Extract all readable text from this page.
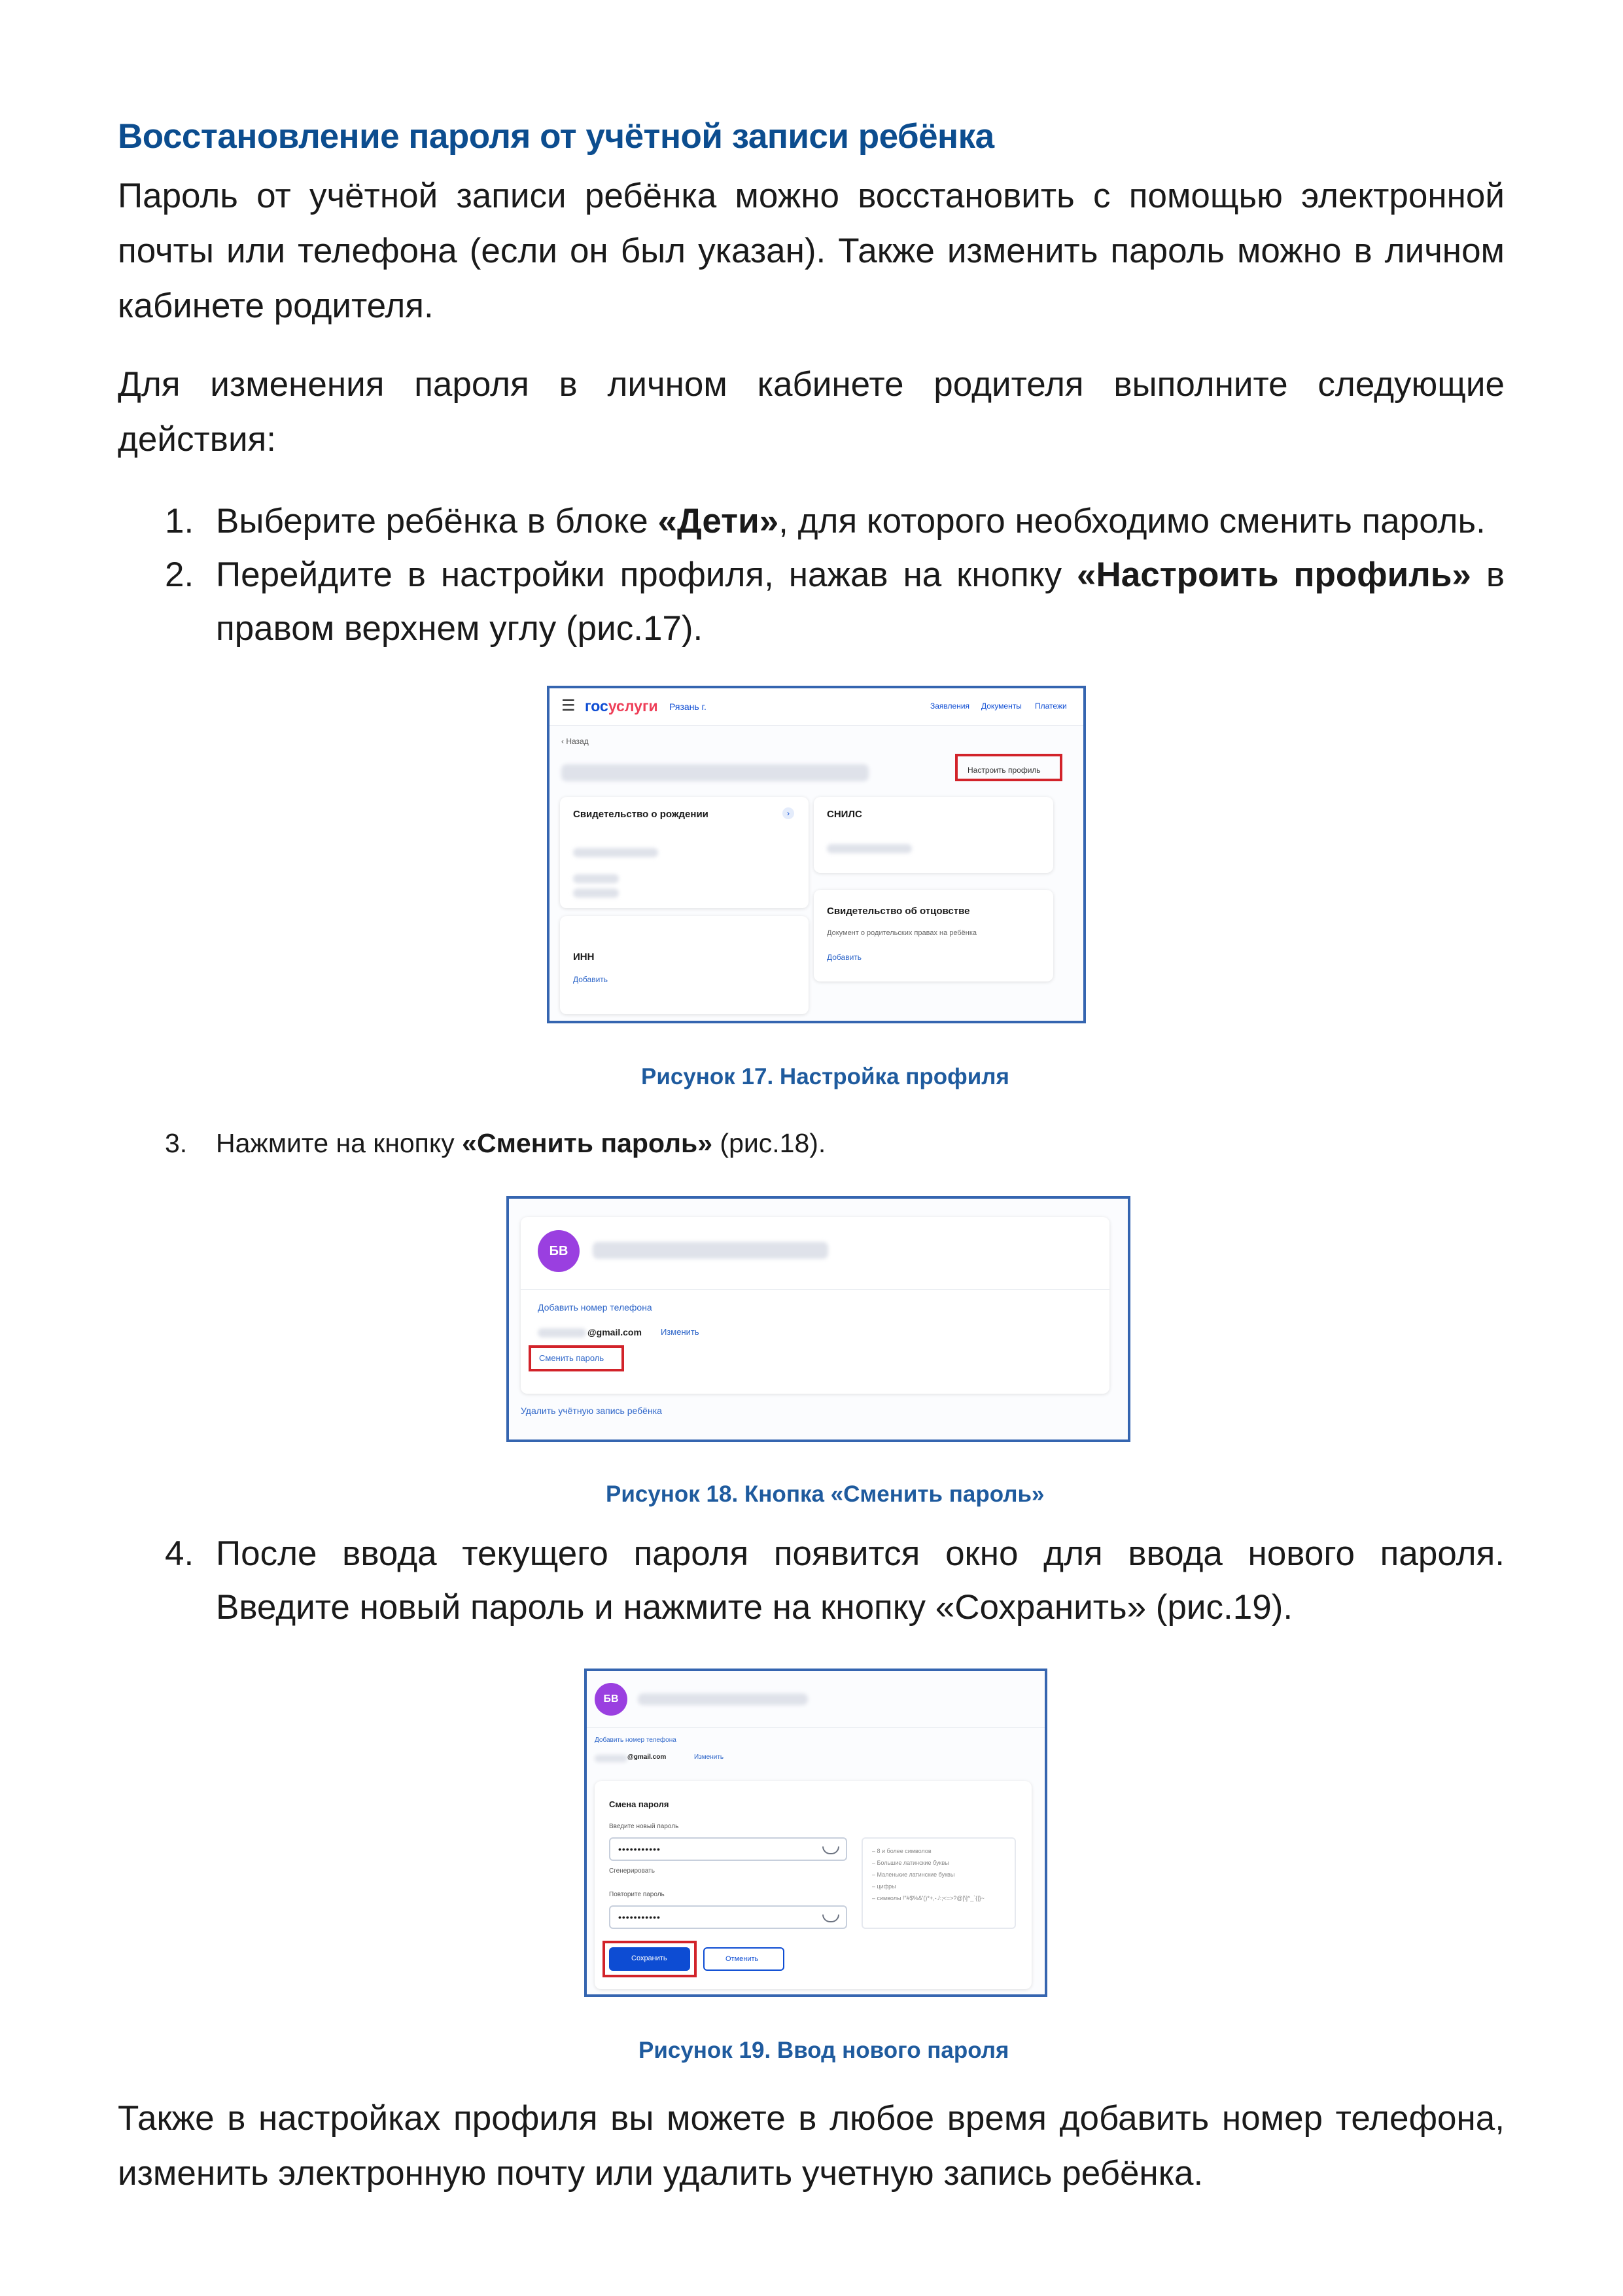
Восстановление пароля от учётной записи ребёнка

Пароль от учётной записи ребёнка можно восстановить с помощью электронной почты или телефона (если он был указан). Также изменить пароль можно в личном кабинете родителя.

Для изменения пароля в личном кабинете родителя выполните следующие действия:

1. Выберите ребёнка в блоке «Дети», для которого необходимо сменить пароль.
2. Перейдите в настройки профиля, нажав на кнопку «Настроить профиль» в правом верхнем углу (рис.17).
☰ госуслуги Рязань г.	Заявления Документы Платежи
‹ Назад
Настроить профиль
Свидетельство о рождении	›
ИНН
Добавить
СНИЛС
Свидетельство об отцовстве
Документ о родительских правах на ребёнка
Добавить
Рисунок 17. Настройка профиля
3. Нажмите на кнопку «Сменить пароль» (рис.18).
БВ
Добавить номер телефона
@gmail.com Изменить
Сменить пароль
Удалить учётную запись ребёнка
Рисунок 18. Кнопка «Сменить пароль»
4. После ввода текущего пароля появится окно для ввода нового пароля. Введите новый пароль и нажмите на кнопку «Сохранить» (рис.19).
БВ
Добавить номер телефона
@gmail.com	Изменить
Смена пароля
Введите новый пароль
•••••••••••
Сгенерировать
Повторите пароль
•••••••••••
– 8 и более символов
– Большие латинские буквы
– Маленькие латинские буквы
– цифры
– символы !"#$%&'()*+,-./:;<=>?@[\]^_`{|}~
Сохранить	Отменить
Рисунок 19. Ввод нового пароля

Также в настройках профиля вы можете в любое время добавить номер телефона, изменить электронную почту или удалить учетную запись ребёнка.
